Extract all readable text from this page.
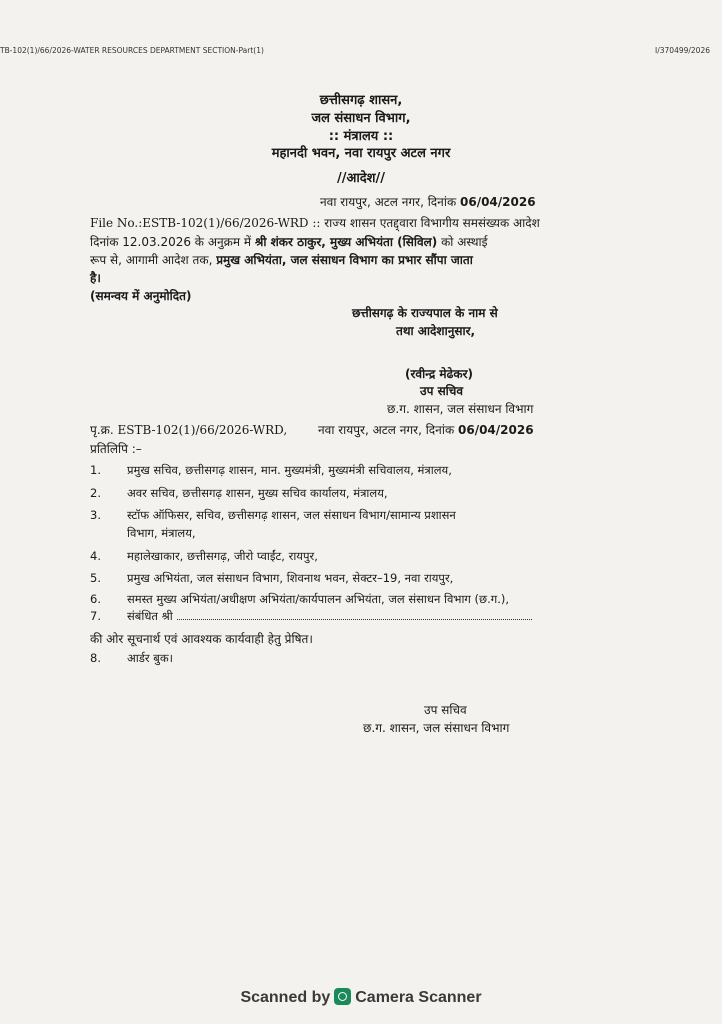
TB-102(1)/66/2026-WATER RESOURCES DEPARTMENT SECTION-Part(1)	I/370499/2026
छत्तीसगढ़ शासन,
जल संसाधन विभाग,
:: मंत्रालय ::
महानदी भवन, नवा रायपुर अटल नगर
//आदेश//
नवा रायपुर, अटल नगर, दिनांक 06/04/2026
File No.:ESTB-102(1)/66/2026-WRD :: राज्य शासन एतद्द्वारा विभागीय समसंख्यक आदेश
दिनांक 12.03.2026 के अनुक्रम में श्री शंकर ठाकुर, मुख्य अभियंता (सिविल) को अस्थाई
रूप से, आगामी आदेश तक, प्रमुख अभियंता, जल संसाधन विभाग का प्रभार सौंपा जाता
है।
(समन्वय में अनुमोदित)
छत्तीसगढ़ के राज्यपाल के नाम से
तथा आदेशानुसार,
(रवीन्द्र मेढेकर)
उप सचिव
छ.ग. शासन, जल संसाधन विभाग
पृ.क्र. ESTB-102(1)/66/2026-WRD,	नवा रायपुर, अटल नगर, दिनांक 06/04/2026
प्रतिलिपि :–
1. प्रमुख सचिव, छत्तीसगढ़ शासन, मान. मुख्यमंत्री, मुख्यमंत्री सचिवालय, मंत्रालय,
2. अवर सचिव, छत्तीसगढ़ शासन, मुख्य सचिव कार्यालय, मंत्रालय,
3. स्टॉफ ऑफिसर, सचिव, छत्तीसगढ़ शासन, जल संसाधन विभाग/सामान्य प्रशासन
विभाग, मंत्रालय,
4. महालेखाकार, छत्तीसगढ़, जीरो प्वाईंट, रायपुर,
5. प्रमुख अभियंता, जल संसाधन विभाग, शिवनाथ भवन, सेक्टर–19, नवा रायपुर,
6. समस्त मुख्य अभियंता/अधीक्षण अभियंता/कार्यपालन अभियंता, जल संसाधन विभाग (छ.ग.),
7. संबंधित श्री
की ओर सूचनार्थ एवं आवश्यक कार्यवाही हेतु प्रेषित।
8. आर्डर बुक।
उप सचिव
छ.ग. शासन, जल संसाधन विभाग
Scanned by Camera Scanner
